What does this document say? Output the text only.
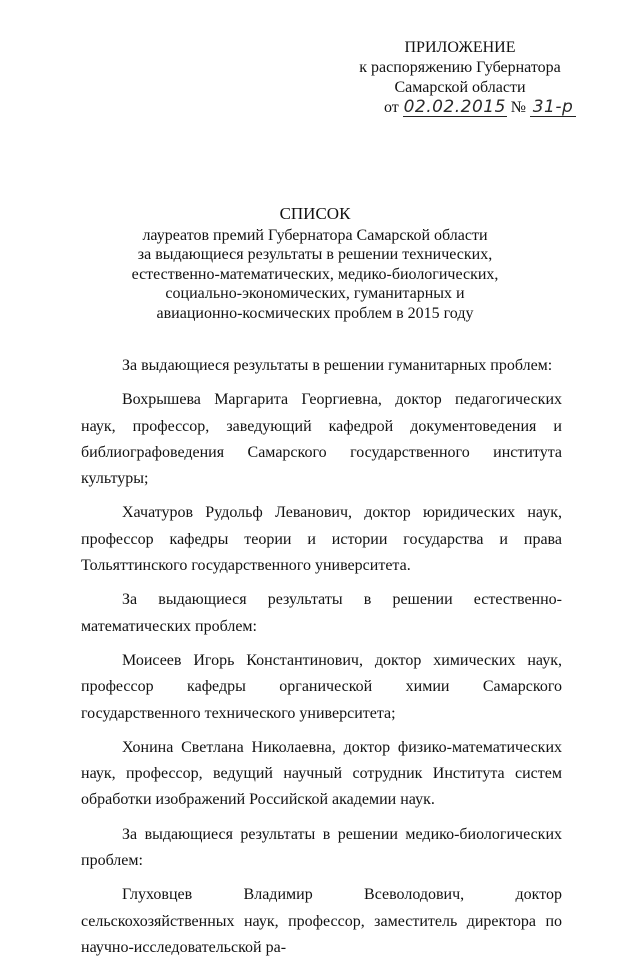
ПРИЛОЖЕНИЕ
к распоряжению Губернатора
Самарской области
от 02.02.2015 № 31-р
СПИСОК
лауреатов премий Губернатора Самарской области
за выдающиеся результаты в решении технических,
естественно-математических, медико-биологических,
социально-экономических, гуманитарных и
авиационно-космических проблем в 2015 году

За выдающиеся результаты в решении гуманитарных проблем:

Вохрышева Маргарита Георгиевна, доктор педагогических наук, профессор, заведующий кафедрой документоведения и библиографоведения Самарского государственного института культуры;

Хачатуров Рудольф Леванович, доктор юридических наук, профессор кафедры теории и истории государства и права Тольяттинского государственного университета.

За выдающиеся результаты в решении естественно-математических проблем:

Моисеев Игорь Константинович, доктор химических наук, профессор кафедры органической химии Самарского государственного технического университета;

Хонина Светлана Николаевна, доктор физико-математических наук, профессор, ведущий научный сотрудник Института систем обработки изображений Российской академии наук.

За выдающиеся результаты в решении медико-биологических проблем:

Глуховцев Владимир Всеволодович, доктор сельскохозяйственных наук, профессор, заместитель директора по научно-исследовательской ра-
